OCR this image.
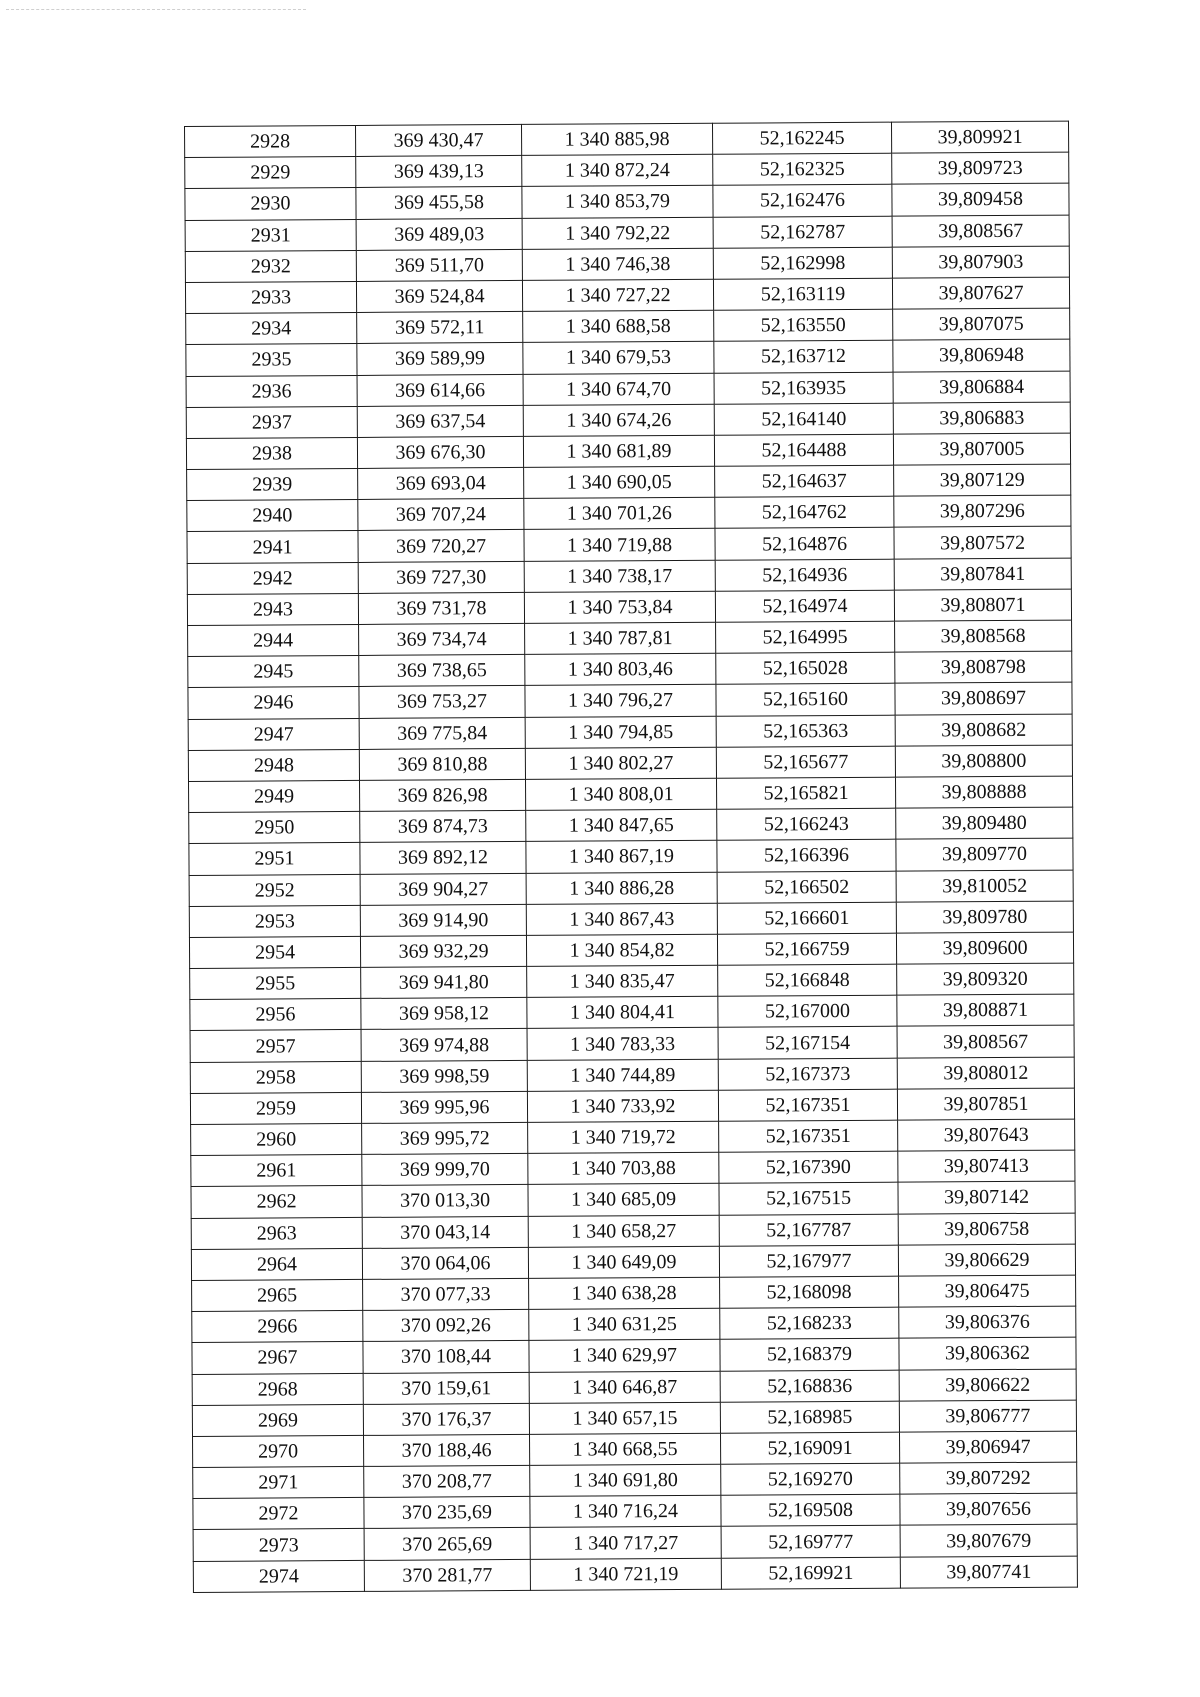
2928	369 430,47	1 340 885,98	52,162245	39,809921
2929	369 439,13	1 340 872,24	52,162325	39,809723
2930	369 455,58	1 340 853,79	52,162476	39,809458
2931	369 489,03	1 340 792,22	52,162787	39,808567
2932	369 511,70	1 340 746,38	52,162998	39,807903
2933	369 524,84	1 340 727,22	52,163119	39,807627
2934	369 572,11	1 340 688,58	52,163550	39,807075
2935	369 589,99	1 340 679,53	52,163712	39,806948
2936	369 614,66	1 340 674,70	52,163935	39,806884
2937	369 637,54	1 340 674,26	52,164140	39,806883
2938	369 676,30	1 340 681,89	52,164488	39,807005
2939	369 693,04	1 340 690,05	52,164637	39,807129
2940	369 707,24	1 340 701,26	52,164762	39,807296
2941	369 720,27	1 340 719,88	52,164876	39,807572
2942	369 727,30	1 340 738,17	52,164936	39,807841
2943	369 731,78	1 340 753,84	52,164974	39,808071
2944	369 734,74	1 340 787,81	52,164995	39,808568
2945	369 738,65	1 340 803,46	52,165028	39,808798
2946	369 753,27	1 340 796,27	52,165160	39,808697
2947	369 775,84	1 340 794,85	52,165363	39,808682
2948	369 810,88	1 340 802,27	52,165677	39,808800
2949	369 826,98	1 340 808,01	52,165821	39,808888
2950	369 874,73	1 340 847,65	52,166243	39,809480
2951	369 892,12	1 340 867,19	52,166396	39,809770
2952	369 904,27	1 340 886,28	52,166502	39,810052
2953	369 914,90	1 340 867,43	52,166601	39,809780
2954	369 932,29	1 340 854,82	52,166759	39,809600
2955	369 941,80	1 340 835,47	52,166848	39,809320
2956	369 958,12	1 340 804,41	52,167000	39,808871
2957	369 974,88	1 340 783,33	52,167154	39,808567
2958	369 998,59	1 340 744,89	52,167373	39,808012
2959	369 995,96	1 340 733,92	52,167351	39,807851
2960	369 995,72	1 340 719,72	52,167351	39,807643
2961	369 999,70	1 340 703,88	52,167390	39,807413
2962	370 013,30	1 340 685,09	52,167515	39,807142
2963	370 043,14	1 340 658,27	52,167787	39,806758
2964	370 064,06	1 340 649,09	52,167977	39,806629
2965	370 077,33	1 340 638,28	52,168098	39,806475
2966	370 092,26	1 340 631,25	52,168233	39,806376
2967	370 108,44	1 340 629,97	52,168379	39,806362
2968	370 159,61	1 340 646,87	52,168836	39,806622
2969	370 176,37	1 340 657,15	52,168985	39,806777
2970	370 188,46	1 340 668,55	52,169091	39,806947
2971	370 208,77	1 340 691,80	52,169270	39,807292
2972	370 235,69	1 340 716,24	52,169508	39,807656
2973	370 265,69	1 340 717,27	52,169777	39,807679
2974	370 281,77	1 340 721,19	52,169921	39,807741
